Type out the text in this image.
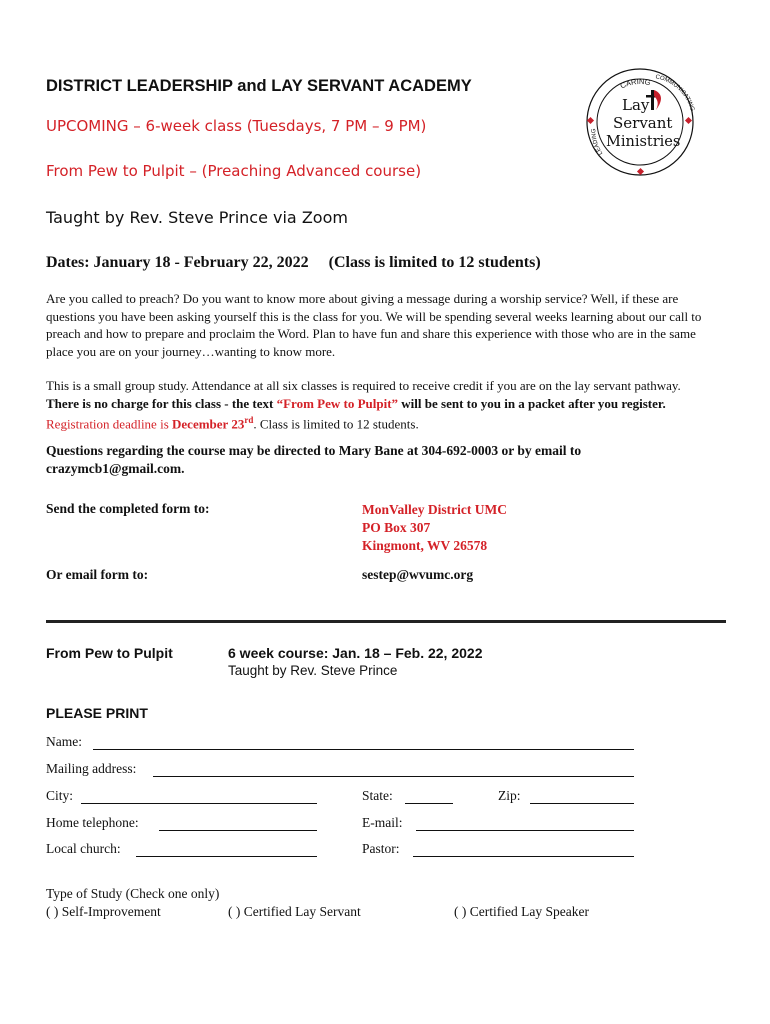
DISTRICT LEADERSHIP and LAY SERVANT ACADEMY
UPCOMING – 6-week class (Tuesdays, 7 PM – 9 PM)
From Pew to Pulpit – (Preaching Advanced course)
Taught by Rev. Steve Prince via Zoom
Dates: January 18 - February 22, 2022     (Class is limited to 12 students)
CARING COMMUNICATING
LEADING
Lay
Servant
Ministries
Are you called to preach? Do you want to know more about giving a message during a worship service? Well, if these are questions you have been asking yourself this is the class for you. We will be spending several weeks learning about our call to preach and how to prepare and proclaim the Word. Plan to have fun and share this experience with those who are in the same place you are on your journey…wanting to know more.
This is a small group study. Attendance at all six classes is required to receive credit if you are on the lay servant pathway. There is no charge for this class - the text “From Pew to Pulpit” will be sent to you in a packet after you register. Registration deadline is December 23rd. Class is limited to 12 students.
Questions regarding the course may be directed to Mary Bane at 304-692-0003 or by email to crazymcb1@gmail.com.
Send the completed form to:	MonValley District UMC
PO Box 307
Kingmont, WV 26578
Or email form to:	sestep@wvumc.org
From Pew to Pulpit	6 week course: Jan. 18 – Feb. 22, 2022
Taught by Rev. Steve Prince
PLEASE PRINT
Name:
Mailing address:
City:	State:	Zip:
Home telephone:	E-mail:
Local church:	Pastor:
Type of Study (Check one only)
( ) Self-Improvement	( ) Certified Lay Servant	( ) Certified Lay Speaker
